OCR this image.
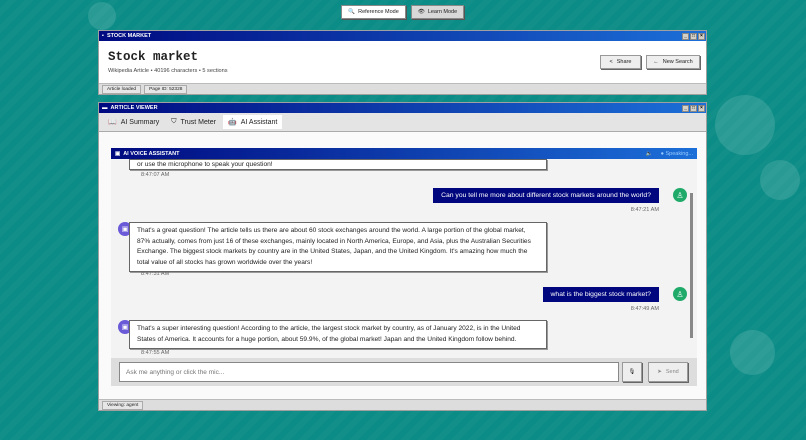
🔍 Reference Mode	👁 Learn Mode
▪ STOCK MARKET	_	□	×
Stock market
Wikipedia Article • 40196 characters • 5 sections
< Share	← New Search
Article loaded	Page ID: 52328
▬ ARTICLE VIEWER	_	□	×
📖 AI Summary ⛉ Trust Meter 🤖 AI Assistant
▣ AI VOICE ASSISTANT	🔈 ● Speaking...
or use the microphone to speak your question!
8:47:07 AM
Can you tell me more about different stock markets around the world?	♙
8:47:21 AM
▣	That's a great question! The article tells us there are about 60 stock exchanges around the world. A large portion of the global market, 87% actually, comes from just 16 of these exchanges, mainly located in North America, Europe, and Asia, plus the Australian Securities Exchange. The biggest stock markets by country are in the United States, Japan, and the United Kingdom. It's amazing how much the total value of all stocks has grown worldwide over the years!
8:47:31 AM
what is the biggest stock market?	♙
8:47:49 AM
▣	That's a super interesting question! According to the article, the largest stock market by country, as of January 2022, is in the United States of America. It accounts for a huge portion, about 59.9%, of the global market! Japan and the United Kingdom follow behind.
8:47:55 AM
Ask me anything or click the mic...
🎙	➤ Send
Viewing: agent
